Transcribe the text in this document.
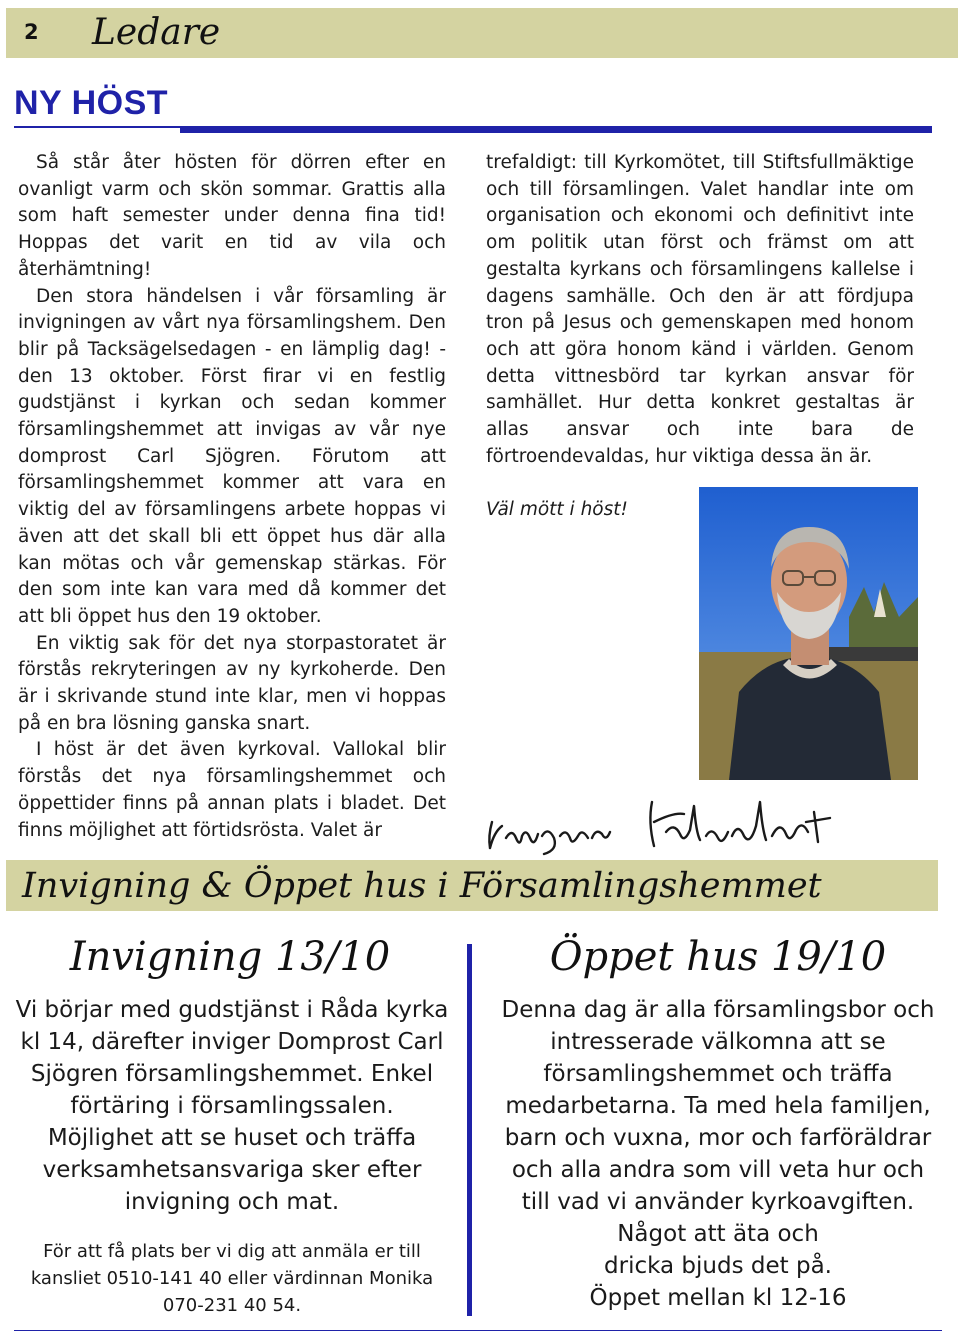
2 Ledare
NY HÖST

Så står åter hösten för dörren efter en ovanligt varm och skön sommar. Grattis alla som haft semester under denna fina tid! Hoppas det varit en tid av vila och återhämtning!

Den stora händelsen i vår församling är invigningen av vårt nya församlingshem. Den blir på Tacksägelsedagen - en lämplig dag! - den 13 oktober. Först firar vi en festlig gudstjänst i kyrkan och sedan kommer församlingshemmet att invigas av vår nye domprost Carl Sjögren. Förutom att församlingshemmet kommer att vara en viktig del av församlingens arbete hoppas vi även att det skall bli ett öppet hus där alla kan mötas och vår gemenskap stärkas. För den som inte kan vara med då kommer det att bli öppet hus den 19 oktober.

En viktig sak för det nya storpastoratet är förstås rekryteringen av ny kyrkoherde. Den är i skrivande stund inte klar, men vi hoppas på en bra lösning ganska snart.

I höst är det även kyrkoval. Vallokal blir förstås det nya församlingshemmet och öppettider finns på annan plats i bladet. Det finns möjlighet att förtidsrösta. Valet är

trefaldigt: till Kyrkomötet, till Stiftsfullmäktige och till församlingen. Valet handlar inte om organisation och ekonomi och definitivt inte om politik utan först och främst om att gestalta kyrkans och församlingens kallelse i dagens samhälle. Och den är att fördjupa tron på Jesus och gemenskapen med honom och att göra honom känd i världen. Genom detta vittnesbörd tar kyrkan ansvar för samhället. Hur detta konkret gestaltas är allas ansvar och inte bara de förtroendevaldas, hur viktiga dessa än är.

Väl mött i höst!

Invigning & Öppet hus i Församlingshemmet
Invigning 13/10
Vi börjar med gudstjänst i Råda kyrka kl 14, därefter inviger Domprost Carl Sjögren församlingshemmet. Enkel förtäring i församlingssalen. Möjlighet att se huset och träffa verksamhetsansvariga sker efter invigning och mat.
För att få plats ber vi dig att anmäla er till kansliet 0510-141 40 eller värdinnan Monika 070-231 40 54.
Öppet hus 19/10
Denna dag är alla församlingsbor och intresserade välkomna att se församlingshemmet och träffa medarbetarna. Ta med hela familjen, barn och vuxna, mor och farföräldrar och alla andra som vill veta hur och till vad vi använder kyrkoavgiften.
Något att äta och dricka bjuds det på.
Öppet mellan kl 12-16
